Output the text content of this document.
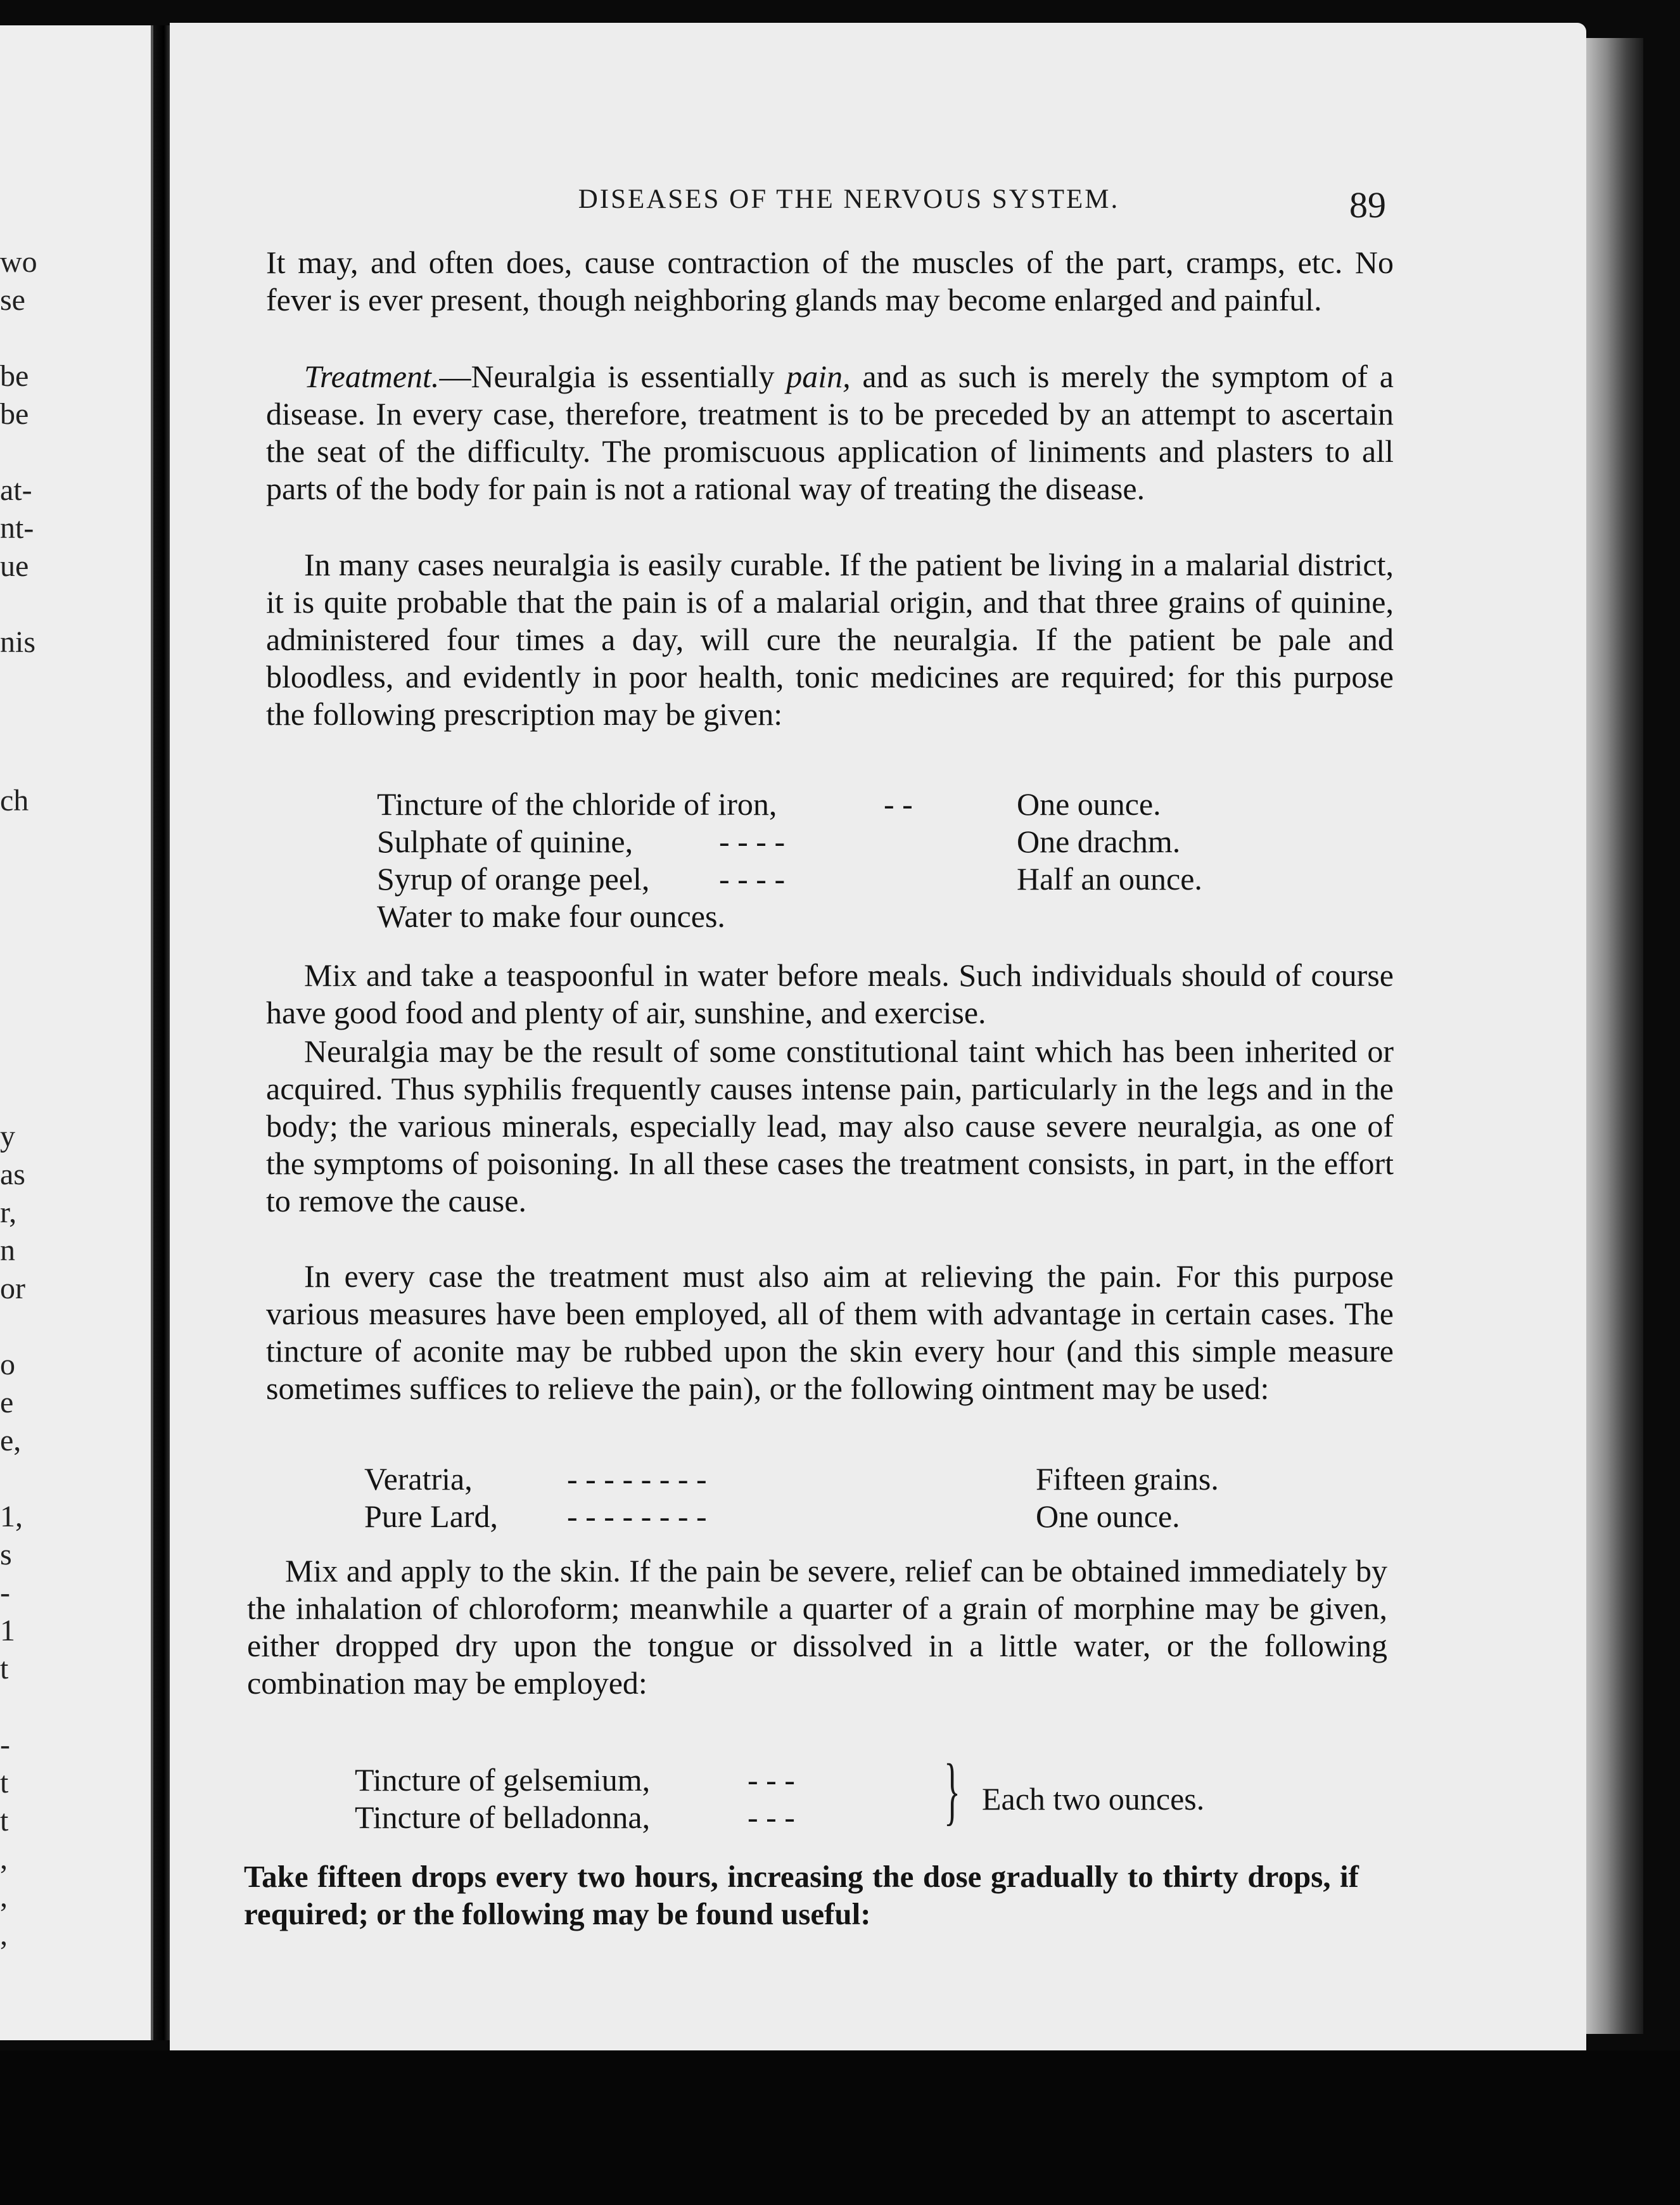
wo
se
be
be
at-
nt-
ue
nis
ch
y
as
r,
n
or
o
e
e,
1,
s
-
1
t
-
t
t
,
,
,
DISEASES OF THE NERVOUS SYSTEM.	89

It may, and often does, cause contraction of the muscles of the part, cramps, etc. No fever is ever present, though neighboring glands may become enlarged and painful.

Treatment.—Neuralgia is essentially pain, and as such is merely the symptom of a disease. In every case, therefore, treatment is to be preceded by an attempt to ascertain the seat of the difficulty. The promiscuous application of liniments and plasters to all parts of the body for pain is not a rational way of treating the disease.

In many cases neuralgia is easily curable. If the patient be living in a malarial district, it is quite probable that the pain is of a malarial origin, and that three grains of quinine, administered four times a day, will cure the neuralgia. If the patient be pale and bloodless, and evidently in poor health, tonic medicines are required; for this purpose the following prescription may be given:

Tincture of the chloride of iron,	- -	One ounce.
Sulphate of quinine,	- - - -	One drachm.
Syrup of orange peel, - - - -	Half an ounce.
Water to make four ounces.

Mix and take a teaspoonful in water before meals. Such individuals should of course have good food and plenty of air, sunshine, and exercise.

Neuralgia may be the result of some constitutional taint which has been inherited or acquired. Thus syphilis frequently causes intense pain, particularly in the legs and in the body; the various minerals, especially lead, may also cause severe neuralgia, as one of the symptoms of poisoning. In all these cases the treatment consists, in part, in the effort to remove the cause.

In every case the treatment must also aim at relieving the pain. For this purpose various measures have been employed, all of them with advantage in certain cases. The tincture of aconite may be rubbed upon the skin every hour (and this simple measure sometimes suffices to relieve the pain), or the following ointment may be used:

Veratria,	- - - - - - - -	Fifteen grains.
Pure Lard, - - - - - - - -	One ounce.

Mix and apply to the skin. If the pain be severe, relief can be obtained immediately by the inhalation of chloroform; meanwhile a quarter of a grain of morphine may be given, either dropped dry upon the tongue or dissolved in a little water, or the following combination may be employed:

Tincture of gelsemium,	- - -
Tincture of belladonna,	- - - } Each two ounces.

Take fifteen drops every two hours, increasing the dose gradually to thirty drops, if required; or the following may be found useful:
